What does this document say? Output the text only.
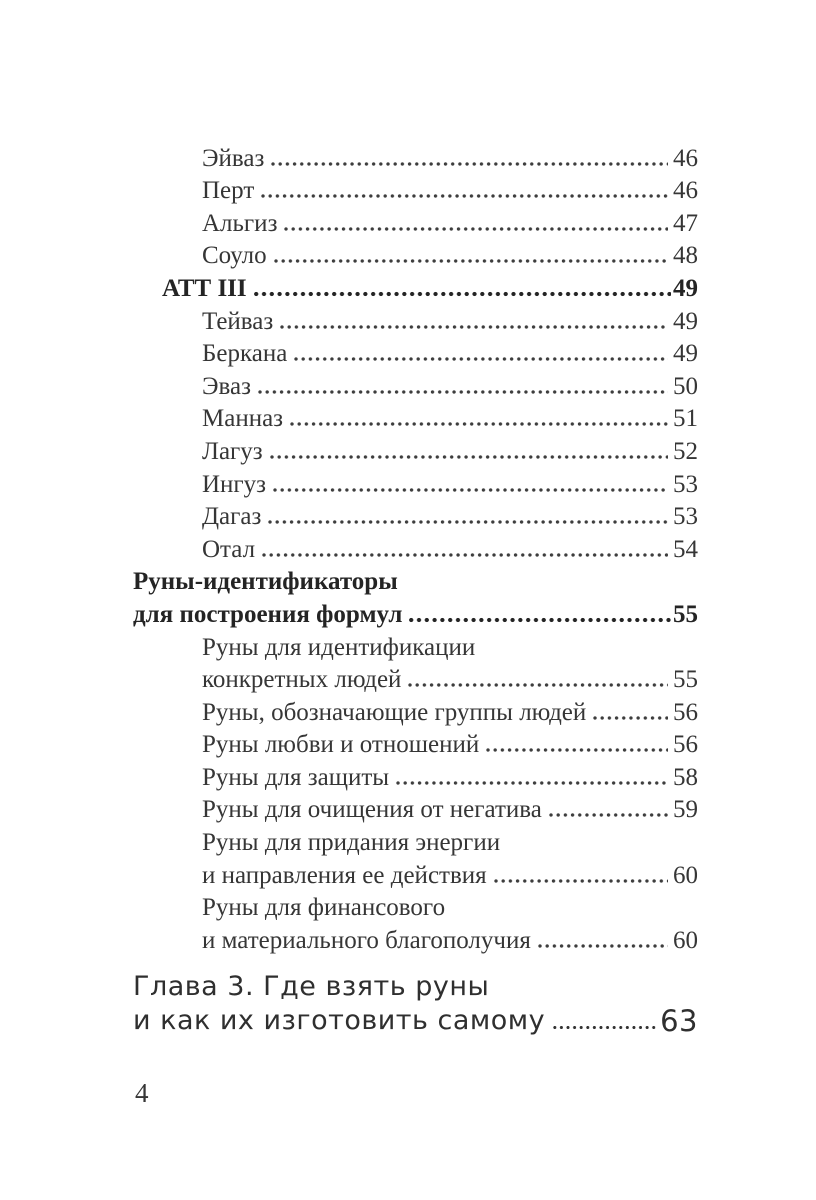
Эйваз	46
Перт	46
Альгиз	47
Соуло	48
АТТ III	49
Тейваз	49
Беркана	49
Эваз	50
Манназ	51
Лагуз	52
Ингуз	53
Дагаз	53
Отал	54
Руны-идентификаторы
для построения формул	55
Руны для идентификации
конкретных людей	55
Руны, обозначающие группы людей	56
Руны любви и отношений	56
Руны для защиты	58
Руны для очищения от негатива	59
Руны для придания энергии
и направления ее действия	60
Руны для финансового
и материального благополучия	60
Глава 3. Где взять руны
и как их изготовить самому	63
4
